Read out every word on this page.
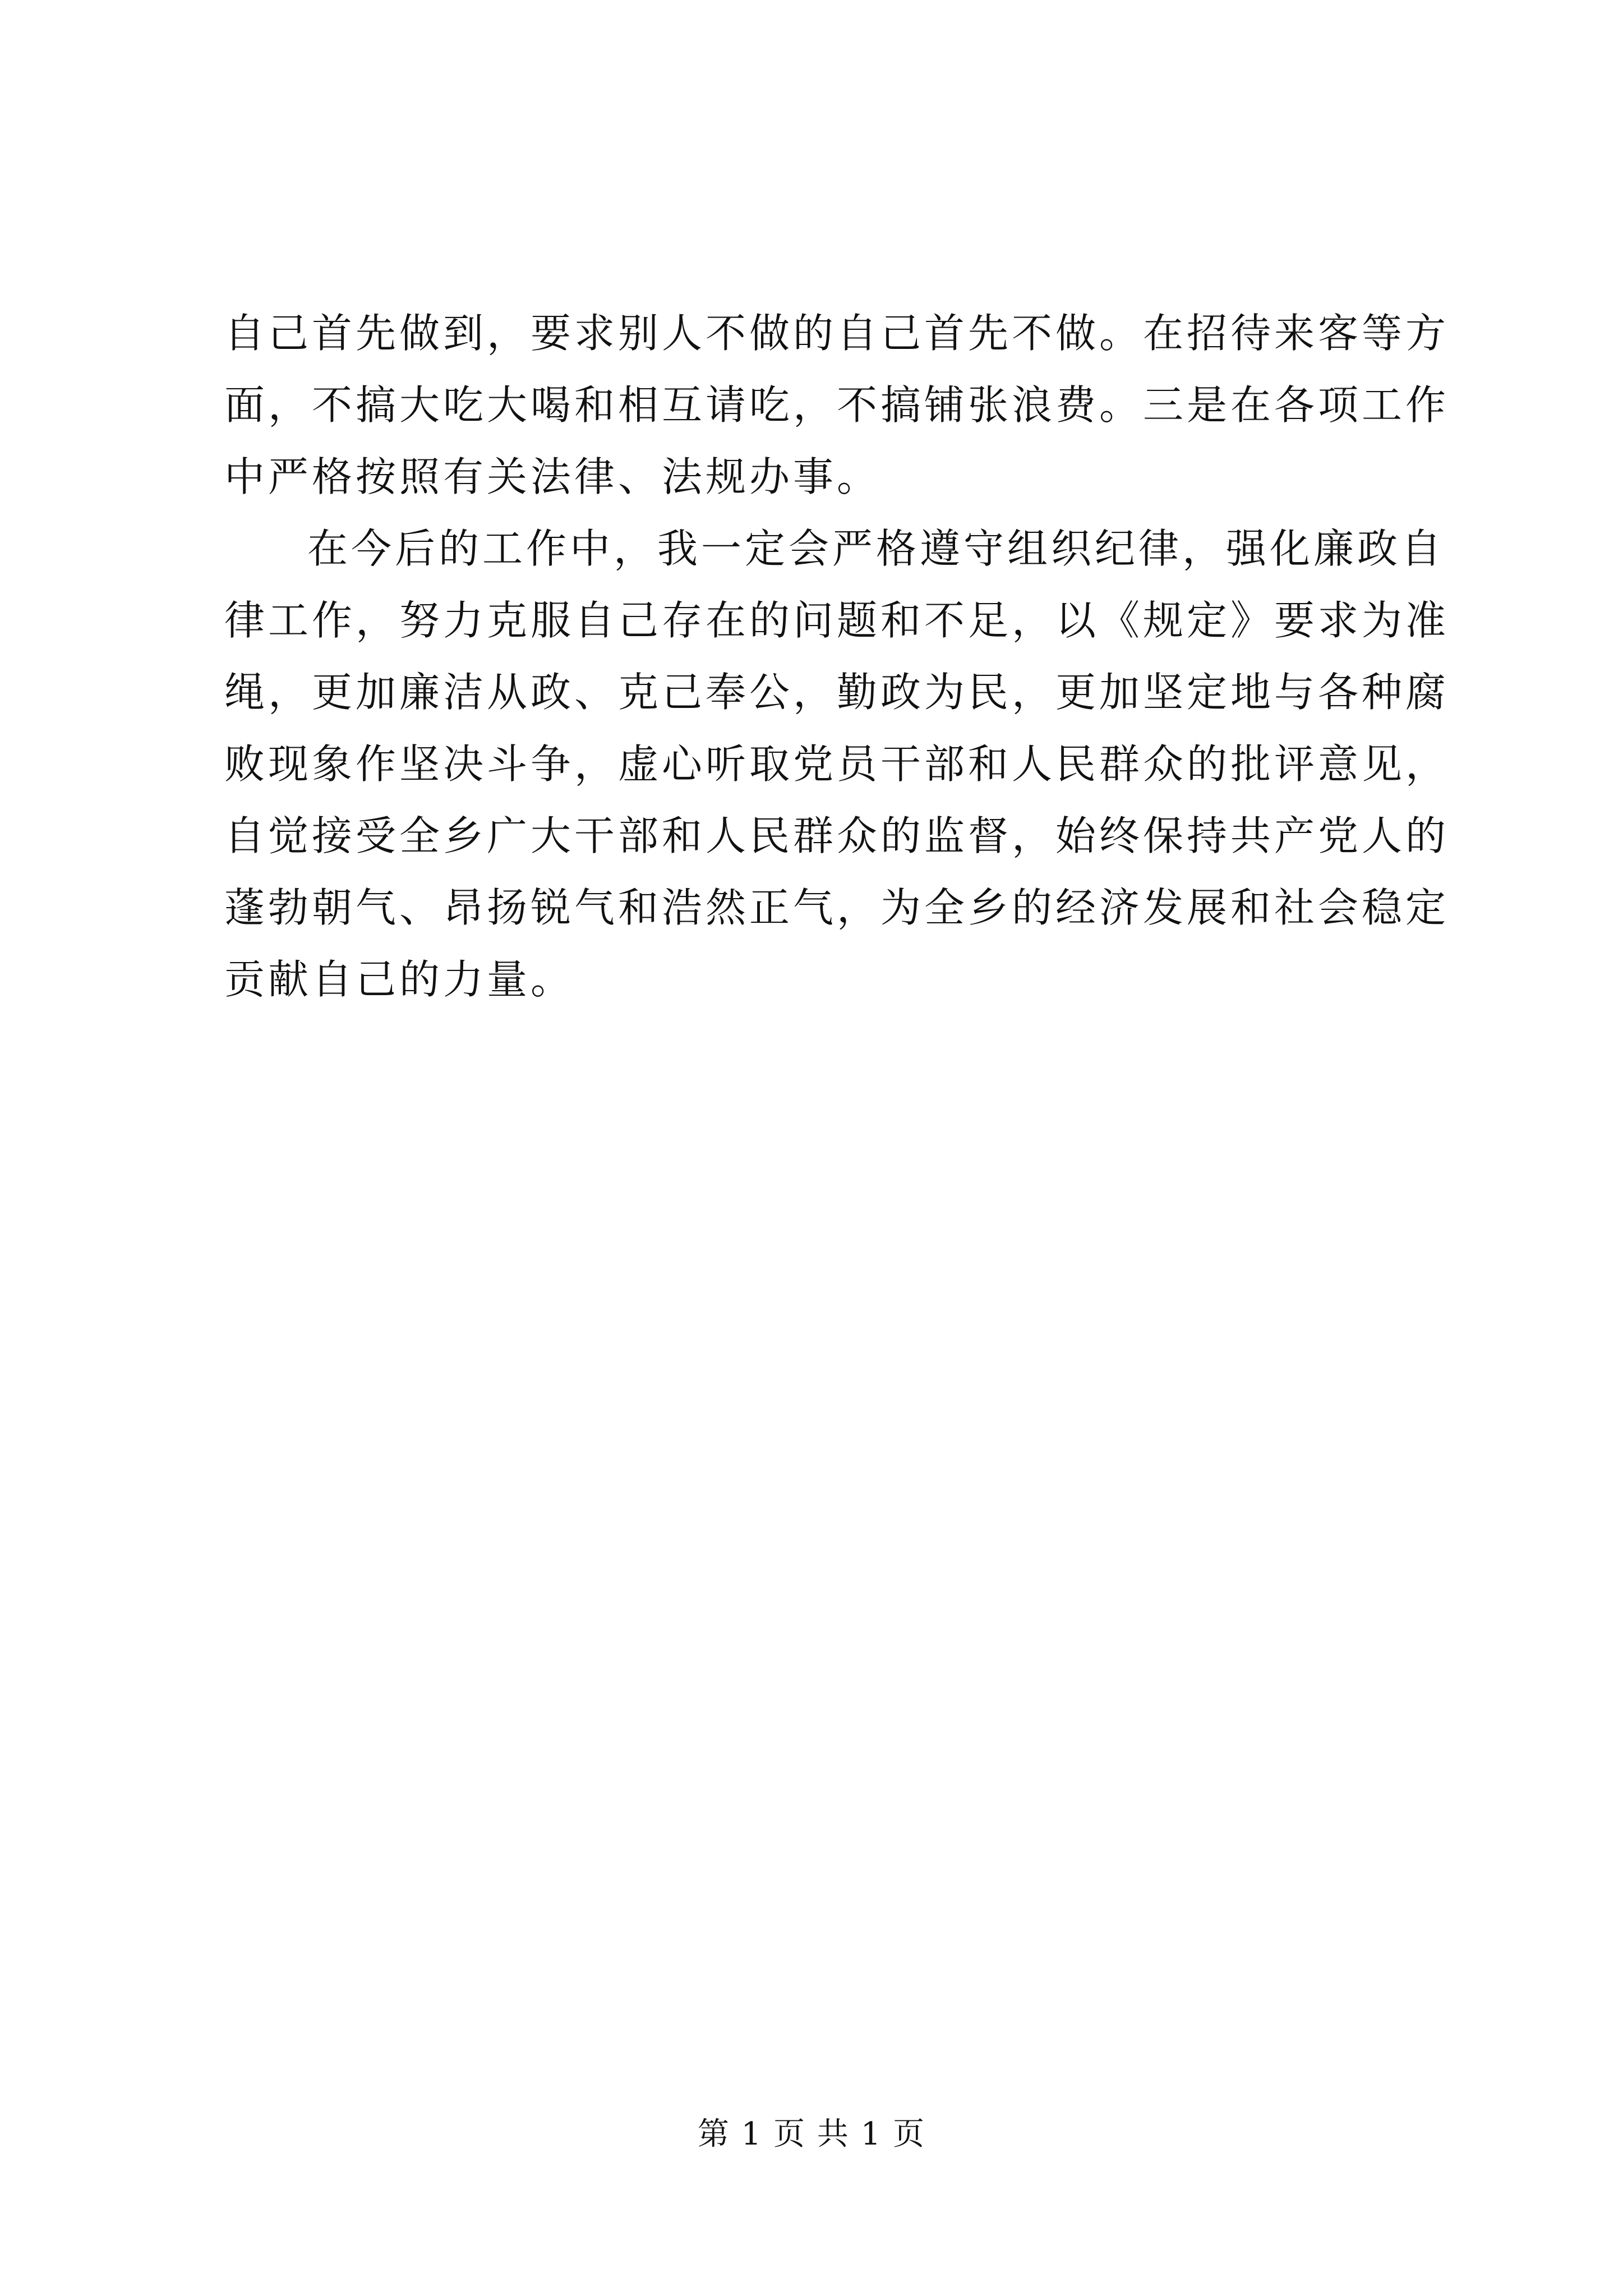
自己首先做到，要求别人不做的自己首先不做。在招待来客等方
面，不搞大吃大喝和相互请吃，不搞铺张浪费。三是在各项工作
中严格按照有关法律、法规办事。
在今后的工作中，我一定会严格遵守组织纪律，强化廉政自
律工作，努力克服自己存在的问题和不足，以《规定》要求为准
绳，更加廉洁从政、克己奉公，勤政为民，更加坚定地与各种腐
败现象作坚决斗争，虚心听取党员干部和人民群众的批评意见，
自觉接受全乡广大干部和人民群众的监督，始终保持共产党人的
蓬勃朝气、昂扬锐气和浩然正气，为全乡的经济发展和社会稳定
贡献自己的力量。
第 1 页 共 1 页
